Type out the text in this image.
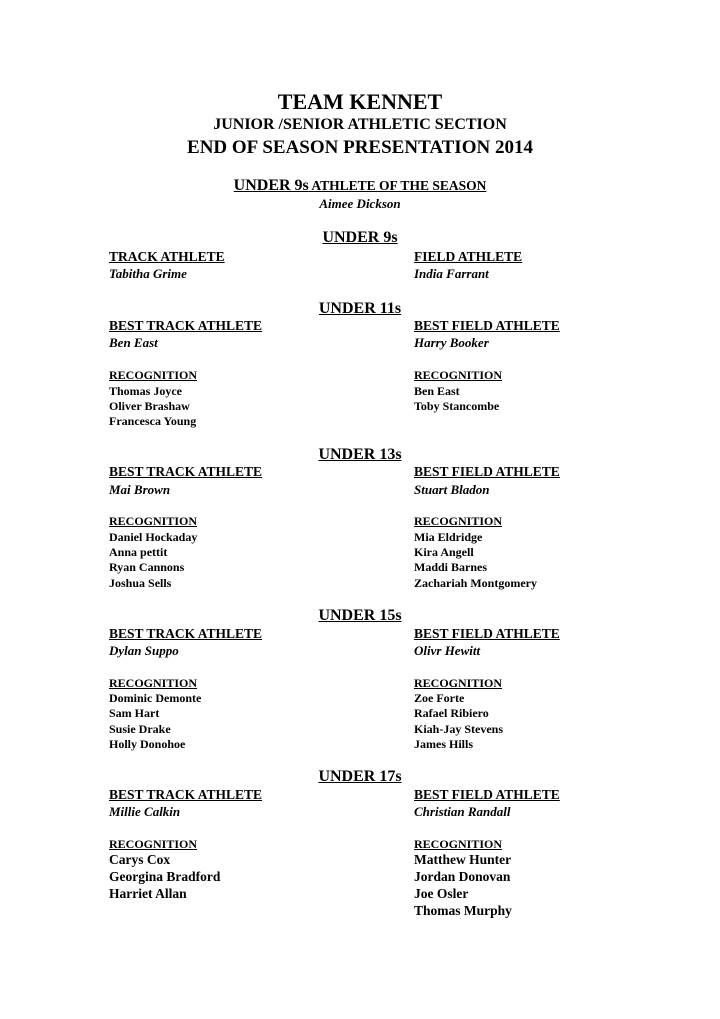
TEAM KENNET
JUNIOR /SENIOR ATHLETIC SECTION
END OF SEASON PRESENTATION 2014
UNDER 9s ATHLETE OF THE SEASON
Aimee Dickson
UNDER 9s
TRACK ATHLETE
Tabitha Grime
FIELD ATHLETE
India Farrant
UNDER 11s
BEST TRACK ATHLETE
Ben East
BEST FIELD ATHLETE
Harry Booker
RECOGNITION
Thomas Joyce
Oliver Brashaw
Francesca Young
RECOGNITION
Ben East
Toby Stancombe
UNDER 13s
BEST TRACK ATHLETE
Mai Brown
BEST FIELD ATHLETE
Stuart Bladon
RECOGNITION
Daniel Hockaday
Anna pettit
Ryan Cannons
Joshua Sells
RECOGNITION
Mia Eldridge
Kira Angell
Maddi Barnes
Zachariah Montgomery
UNDER 15s
BEST TRACK ATHLETE
Dylan Suppo
BEST FIELD ATHLETE
Olivr Hewitt
RECOGNITION
Dominic Demonte
Sam Hart
Susie Drake
Holly Donohoe
RECOGNITION
Zoe Forte
Rafael Ribiero
Kiah-Jay Stevens
James Hills
UNDER 17s
BEST TRACK ATHLETE
Millie Calkin
BEST FIELD ATHLETE
Christian Randall
RECOGNITION
Carys Cox
Georgina Bradford
Harriet Allan
RECOGNITION
Matthew Hunter
Jordan Donovan
Joe Osler
Thomas Murphy
